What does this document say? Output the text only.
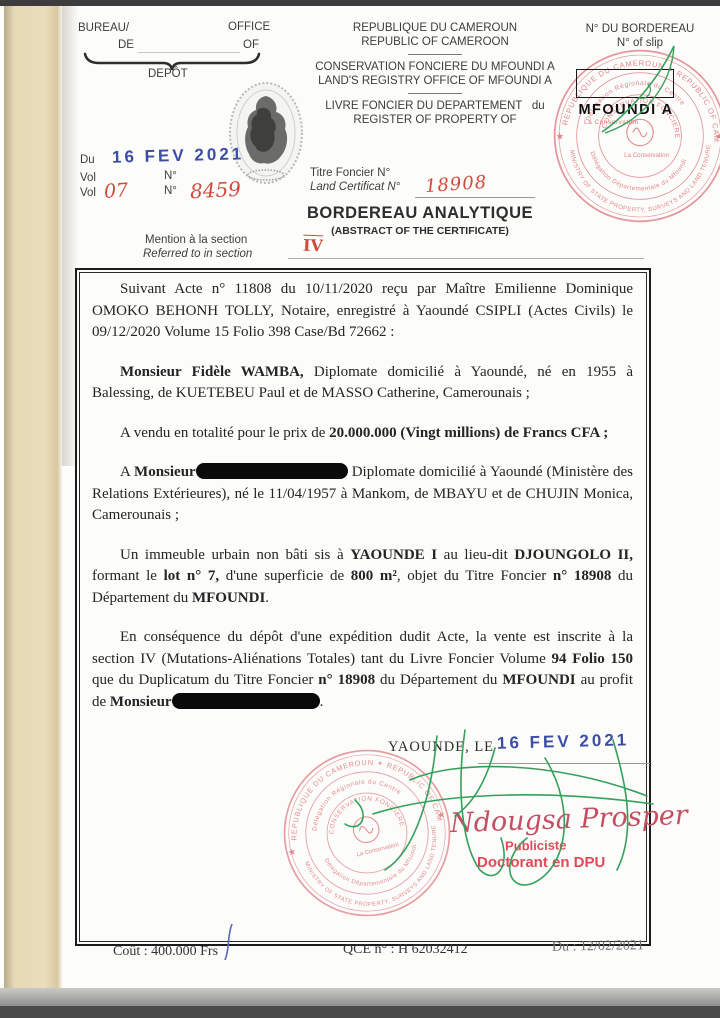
BUREAU/	OFFICE
DE	OF
DEPÔT
REPUBLIQUE DU CAMEROUN
REPUBLIC OF CAMEROON
CONSERVATION FONCIERE DU MFOUNDI A
LAND'S REGISTRY OFFICE OF MFOUNDI A
LIVRE FONCIER DU DEPARTEMENT du
REGISTER OF PROPERTY OF
N° DU BORDEREAU
N° of slip
MFOUNDI A
La Conservation
Du 16 FEV 2021
Vol	N°
Vol 07	N° 8459
Titre Foncier N°
Land Certificat N° 18908
BORDEREAU ANALYTIQUE
(ABSTRACT OF THE CERTIFICATE)
Mention à la section
Referred to in section	$\overline{IV}$

Suivant Acte n° 11808 du 10/11/2020 reçu par Maître Emilienne Dominique OMOKO BEHONH TOLLY, Notaire, enregistré à Yaoundé CSIPLI (Actes Civils) le 09/12/2020 Volume 15 Folio 398 Case/Bd 72662 :

Monsieur Fidèle WAMBA, Diplomate domicilié à Yaoundé, né en 1955 à Balessing, de KUETEBEU Paul et de MASSO Catherine, Camerounais ;

A vendu en totalité pour le prix de 20.000.000 (Vingt millions) de Francs CFA ;

A Monsieur	Diplomate domicilié à Yaoundé (Ministère des Relations Extérieures), né le 11/04/1957 à Mankom, de MBAYU et de CHUJIN Monica, Camerounais ;

Un immeuble urbain non bâti sis à YAOUNDE I au lieu-dit DJOUNGOLO II, formant le lot n° 7, d'une superficie de 800 m², objet du Titre Foncier n° 18908 du Département du MFOUNDI.

En conséquence du dépôt d'une expédition dudit Acte, la vente est inscrite à la section IV (Mutations-Aliénations Totales) tant du Livre Foncier Volume 94 Folio 150 que du Duplicatum du Titre Foncier n° 18908 du Département du MFOUNDI au profit de Monsieur	.

YAOUNDE, LE 16 FEV 2021
Ndougsa Prosper
Publiciste
Doctorant en DPU
Coût : 400.000 Frs	QCE n° : H 62032412	Du : 12/02/2021
